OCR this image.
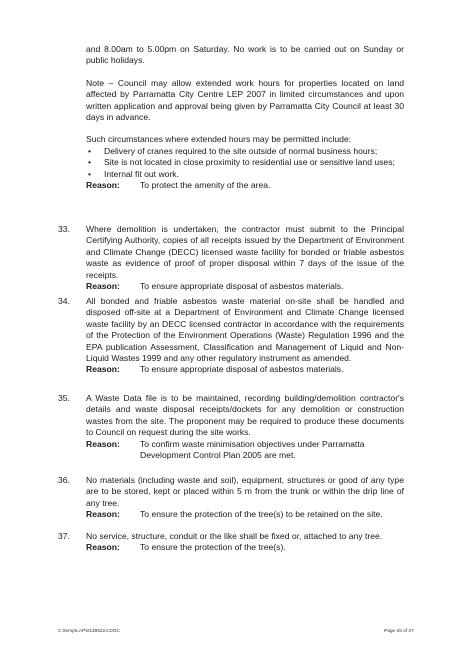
and 8.00am to 5.00pm on Saturday. No work is to be carried out on Sunday or public holidays.

Note – Council may allow extended work hours for properties located on land affected by Parramatta City Centre LEP 2007 in limited circumstances and upon written application and approval being given by Parramatta City Council at least 30 days in advance.

Such circumstances where extended hours may be permitted include:

• Delivery of cranes required to the site outside of normal business hours;
• Site is not located in close proximity to residential use or sensitive land uses;
• Internal fit out work.
Reason:	To protect the amenity of the area.
33. Where demolition is undertaken, the contractor must submit to the Principal Certifying Authority, copies of all receipts issued by the Department of Environment and Climate Change (DECC) licensed waste facility for bonded or friable asbestos waste as evidence of proof of proper disposal within 7 days of the issue of the receipts.

Reason:	To ensure appropriate disposal of asbestos materials.
34. All bonded and friable asbestos waste material on-site shall be handled and disposed off-site at a Department of Environment and Climate Change licensed waste facility by an DECC licensed contractor in accordance with the requirements of the Protection of the Environment Operations (Waste) Regulation 1996 and the EPA publication Assessment, Classification and Management of Liquid and Non-Liquid Wastes 1999 and any other regulatory instrument as amended.

Reason:	To ensure appropriate disposal of asbestos materials.
35. A Waste Data file is to be maintained, recording building/demolition contractor's details and waste disposal receipts/dockets for any demolition or construction wastes from the site. The proponent may be required to produce these documents to Council on request during the site works.

Reason:	To confirm waste minimisation objectives under Parramatta Development Control Plan 2005 are met.
36. No materials (including waste and soil), equipment, structures or good of any type are to be stored, kept or placed within 5 m from the trunk or within the drip line of any tree.

Reason:	To ensure the protection of the tree(s) to be retained on the site.
37. No service, structure, conduit or the like shall be fixed or, attached to any tree.

Reason:	To ensure the protection of the tree(s).
C:\temp\LAP\01395224.DOC	Page 26 of 27
